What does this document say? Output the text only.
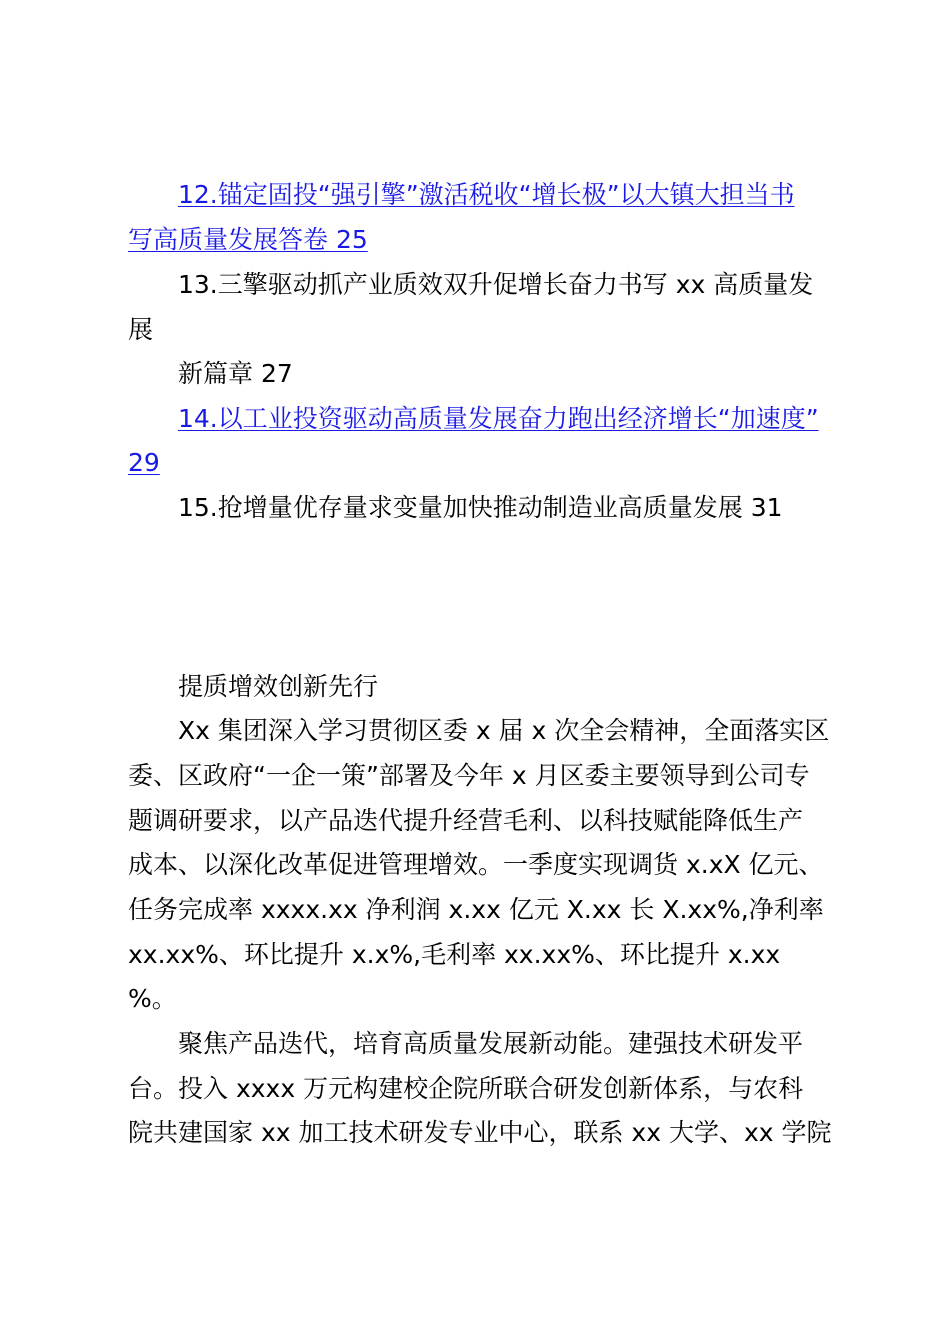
12.锚定固投“强引擎”激活税收“增长极”以大镇大担当书
写高质量发展答卷 25

13.三擎驱动抓产业质效双升促增长奋力书写 xx 高质量发

展

新篇章 27

14.以工业投资驱动高质量发展奋力跑出经济增长“加速度”
29

15.抢增量优存量求变量加快推动制造业高质量发展 31

提质增效创新先行

Xx 集团深入学习贯彻区委 x 届 x 次全会精神，全面落实区

委、区政府“一企一策”部署及今年 x 月区委主要领导到公司专

题调研要求，以产品迭代提升经营毛利、以科技赋能降低生产

成本、以深化改革促进管理增效。一季度实现调货 x.xX 亿元、

任务完成率 xxxx.xx 净利润 x.xx 亿元 X.xx 长 X.xx%,净利率

xx.xx%、环比提升 x.x%,毛利率 xx.xx%、环比提升 x.xx

%。

聚焦产品迭代，培育高质量发展新动能。建强技术研发平

台。投入 xxxx 万元构建校企院所联合研发创新体系，与农科

院共建国家 xx 加工技术研发专业中心，联系 xx 大学、xx 学院
